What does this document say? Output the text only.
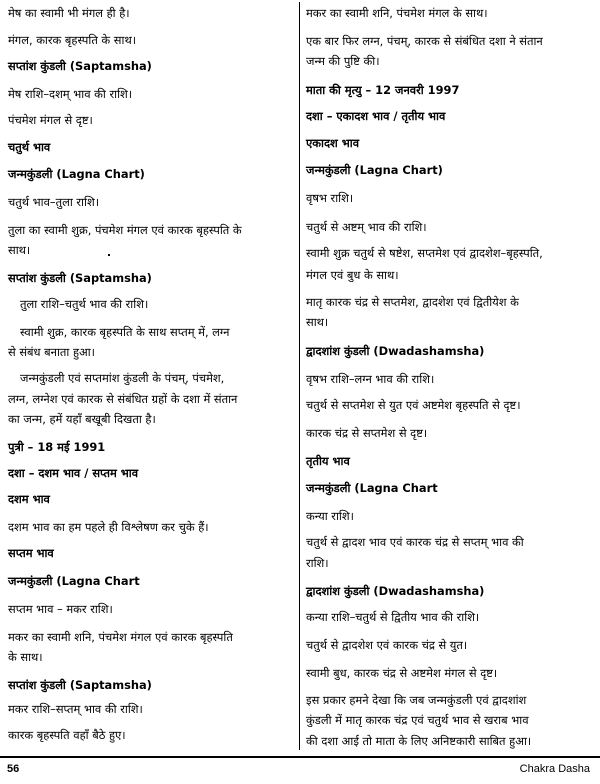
मेष का स्वामी भी मंगल ही है।
मंगल, कारक बृहस्पति के साथ।
सप्तांश कुंडली (Saptamsha)
मेष राशि–दशम् भाव की राशि।
पंचमेश मंगल से दृष्ट।
चतुर्थ भाव
जन्मकुंडली (Lagna Chart)
चतुर्थ भाव–तुला राशि।
तुला का स्वामी शुक्र, पंचमेश मंगल एवं कारक बृहस्पति के
साथ।
सप्तांश कुंडली (Saptamsha)
तुला राशि–चतुर्थ भाव की राशि।
स्वामी शुक्र, कारक बृहस्पति के साथ सप्तम् में, लग्न
से संबंध बनाता हुआ।
जन्मकुंडली एवं सप्तमांश कुंडली के पंचम्, पंचमेश,
लग्न, लग्नेश एवं कारक से संबंधित ग्रहों के दशा में संतान
का जन्म, हमें यहाँ बखूबी दिखता है।
पुत्री – 18 मई 1991
दशा – दशम भाव / सप्तम भाव
दशम भाव
दशम भाव का हम पहले ही विश्लेषण कर चुके हैं।
सप्तम भाव
जन्मकुंडली (Lagna Chart
सप्तम भाव – मकर राशि।
मकर का स्वामी शनि, पंचमेश मंगल एवं कारक बृहस्पति
के साथ।
सप्तांश कुंडली (Saptamsha)
मकर राशि–सप्तम् भाव की राशि।
कारक बृहस्पति वहाँ बैठे हुए।
मकर का स्वामी शनि, पंचमेश मंगल के साथ।
एक बार फिर लग्न, पंचम्, कारक से संबंधित दशा ने संतान
जन्म की पुष्टि की।
माता की मृत्यु – 12 जनवरी 1997
दशा – एकादश भाव / तृतीय भाव
एकादश भाव
जन्मकुंडली (Lagna Chart)
वृषभ राशि।
चतुर्थ से अष्टम् भाव की राशि।
स्वामी शुक्र चतुर्थ से षष्टेश, सप्तमेश एवं द्वादशेश–बृहस्पति,
मंगल एवं बुध के साथ।
मातृ कारक चंद्र से सप्तमेश, द्वादशेश एवं द्वितीयेश के
साथ।
द्वादशांश कुंडली (Dwadashamsha)
वृषभ राशि–लग्न भाव की राशि।
चतुर्थ से सप्तमेश से युत एवं अष्टमेश बृहस्पति से दृष्ट।
कारक चंद्र से सप्तमेश से दृष्ट।
तृतीय भाव
जन्मकुंडली (Lagna Chart
कन्या राशि।
चतुर्थ से द्वादश भाव एवं कारक चंद्र से सप्तम् भाव की
राशि।
द्वादशांश कुंडली (Dwadashamsha)
कन्या राशि–चतुर्थ से द्वितीय भाव की राशि।
चतुर्थ से द्वादशेश एवं कारक चंद्र से युत।
स्वामी बुध, कारक चंद्र से अष्टमेश मंगल से दृष्ट।
इस प्रकार हमने देखा कि जब जन्मकुंडली एवं द्वादशांश
कुंडली में मातृ कारक चंद्र एवं चतुर्थ भाव से खराब भाव
की दशा आई तो माता के लिए अनिष्टकारी साबित हुआ।
56	Chakra Dasha
